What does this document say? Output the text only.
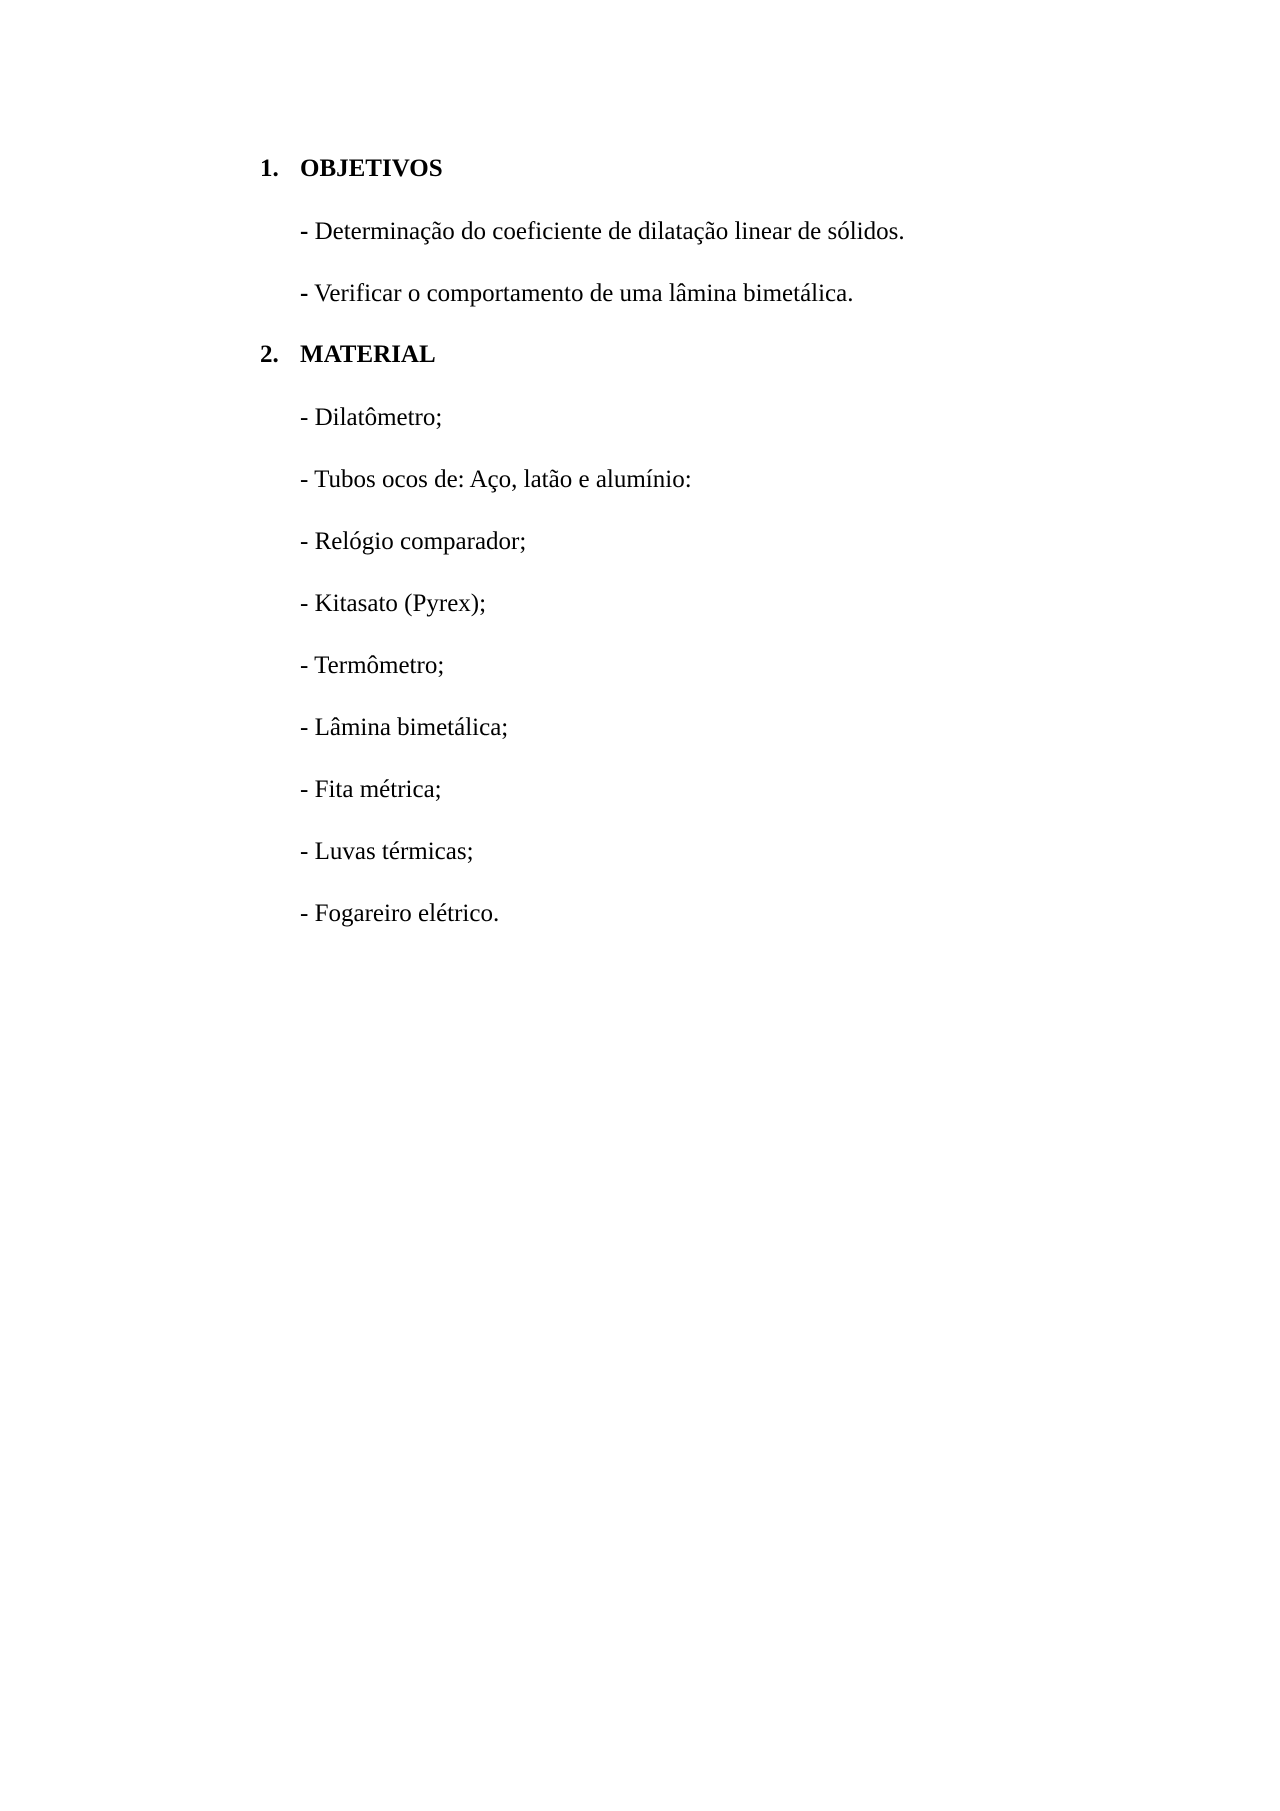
1. OBJETIVOS
- Determinação do coeficiente de dilatação linear de sólidos.
- Verificar o comportamento de uma lâmina bimetálica.
2. MATERIAL
- Dilatômetro;
- Tubos ocos de: Aço, latão e alumínio:
- Relógio comparador;
- Kitasato (Pyrex);
- Termômetro;
- Lâmina bimetálica;
- Fita métrica;
- Luvas térmicas;
- Fogareiro elétrico.
